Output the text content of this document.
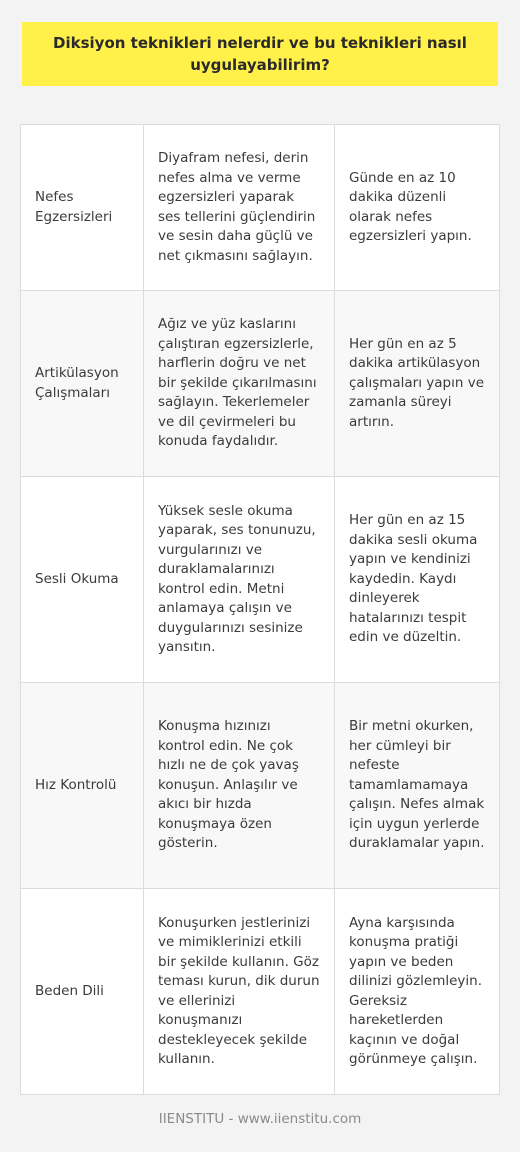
Diksiyon teknikleri nelerdir ve bu teknikleri nasıl uygulayabilirim?
Nefes Egzersizleri
Diyafram nefesi, derin nefes alma ve verme egzersizleri yaparak ses tellerini güçlendirin ve sesin daha güçlü ve net çıkmasını sağlayın.
Günde en az 10 dakika düzenli olarak nefes egzersizleri yapın.
Artikülasyon Çalışmaları
Ağız ve yüz kaslarını çalıştıran egzersizlerle, harflerin doğru ve net bir şekilde çıkarılmasını sağlayın. Tekerlemeler ve dil çevirmeleri bu konuda faydalıdır.
Her gün en az 5 dakika artikülasyon çalışmaları yapın ve zamanla süreyi artırın.
Sesli Okuma
Yüksek sesle okuma yaparak, ses tonunuzu, vurgularınızı ve duraklamalarınızı kontrol edin. Metni anlamaya çalışın ve duygularınızı sesinize yansıtın.
Her gün en az 15 dakika sesli okuma yapın ve kendinizi kaydedin. Kaydı dinleyerek hatalarınızı tespit edin ve düzeltin.
Hız Kontrolü
Konuşma hızınızı kontrol edin. Ne çok hızlı ne de çok yavaş konuşun. Anlaşılır ve akıcı bir hızda konuşmaya özen gösterin.
Bir metni okurken, her cümleyi bir nefeste tamamlamamaya çalışın. Nefes almak için uygun yerlerde duraklamalar yapın.
Beden Dili
Konuşurken jestlerinizi ve mimiklerinizi etkili bir şekilde kullanın. Göz teması kurun, dik durun ve ellerinizi konuşmanızı destekleyecek şekilde kullanın.
Ayna karşısında konuşma pratiği yapın ve beden dilinizi gözlemleyin. Gereksiz hareketlerden kaçının ve doğal görünmeye çalışın.
IIENSTITU - www.iienstitu.com
